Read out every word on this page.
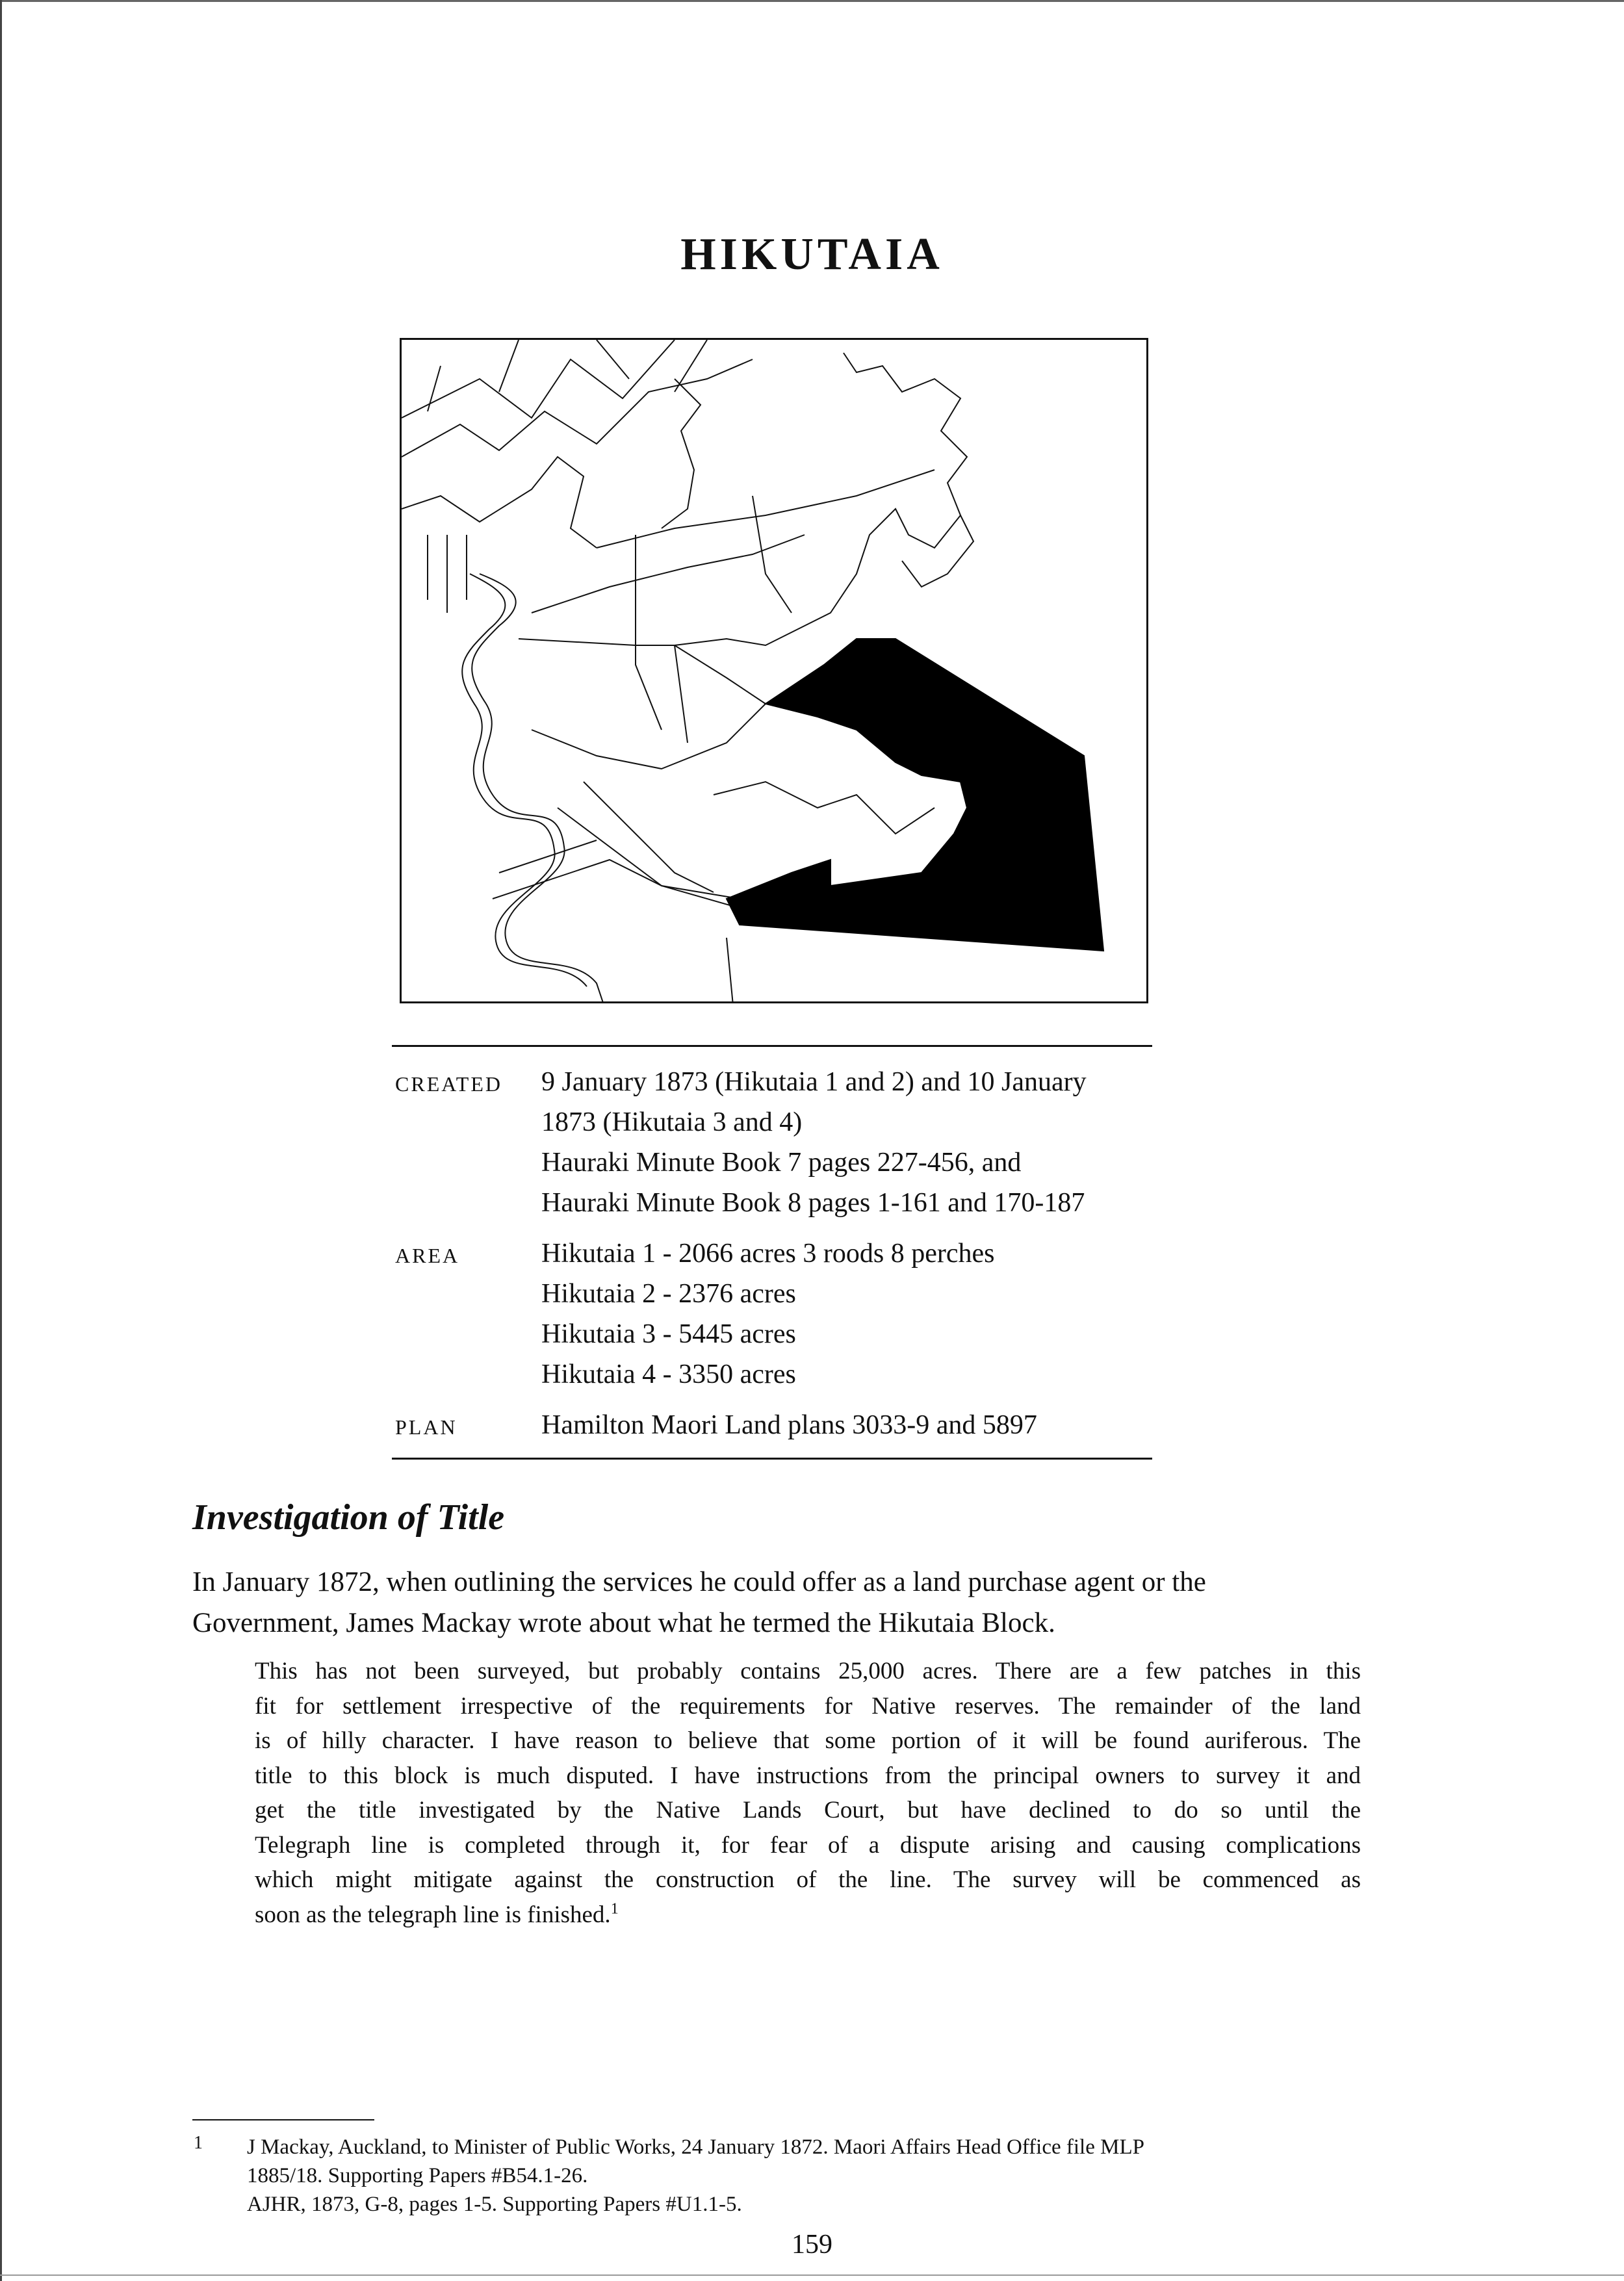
HIKUTAIA
CREATED 9 January 1873 (Hikutaia 1 and 2) and 10 January
1873 (Hikutaia 3 and 4)
Hauraki Minute Book 7 pages 227-456, and
Hauraki Minute Book 8 pages 1-161 and 170-187
AREA	Hikutaia 1 - 2066 acres 3 roods 8 perches
Hikutaia 2 - 2376 acres
Hikutaia 3 - 5445 acres
Hikutaia 4 - 3350 acres
PLAN	Hamilton Maori Land plans 3033-9 and 5897
Investigation of Title
In January 1872, when outlining the services he could offer as a land purchase agent or the
Government, James Mackay wrote about what he termed the Hikutaia Block.
This has not been surveyed, but probably contains 25,000 acres. There are a few patches in this
fit for settlement irrespective of the requirements for Native reserves. The remainder of the land
is of hilly character. I have reason to believe that some portion of it will be found auriferous. The
title to this block is much disputed. I have instructions from the principal owners to survey it and
get the title investigated by the Native Lands Court, but have declined to do so until the
Telegraph line is completed through it, for fear of a dispute arising and causing complications
which might mitigate against the construction of the line. The survey will be commenced as
soon as the telegraph line is finished.$^1$
1 J Mackay, Auckland, to Minister of Public Works, 24 January 1872. Maori Affairs Head Office file MLP
1885/18. Supporting Papers #B54.1-26.
AJHR, 1873, G-8, pages 1-5. Supporting Papers #U1.1-5.
159
